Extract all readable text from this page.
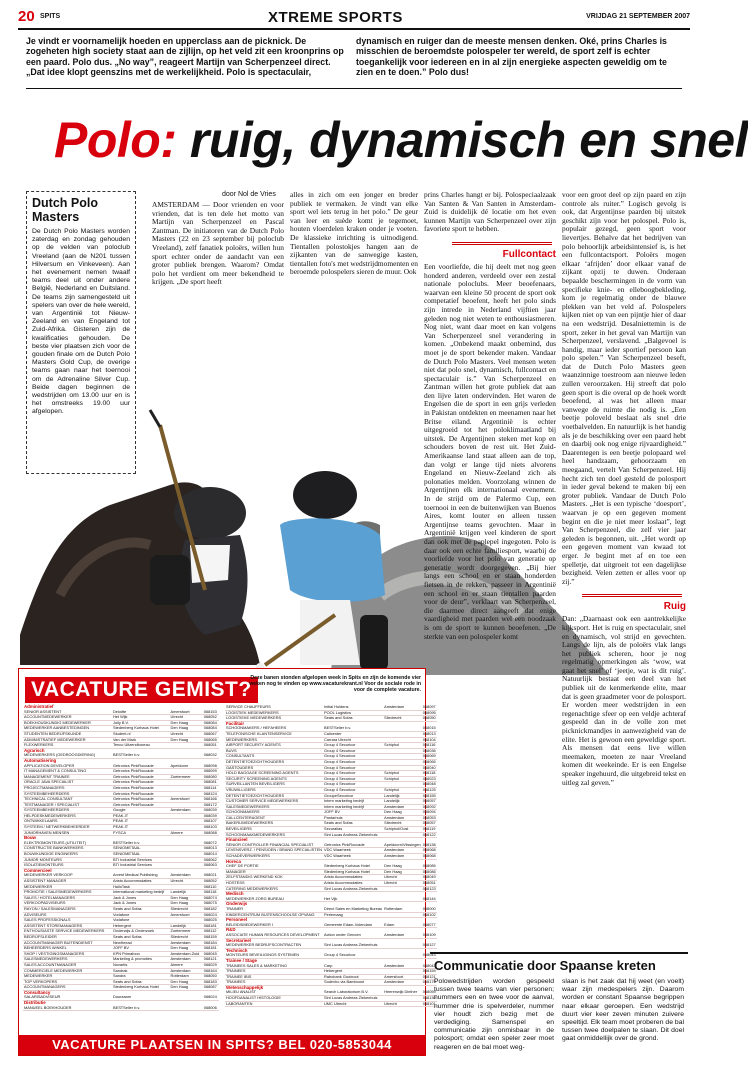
20 SPITS	XTREME SPORTS	VRIJDAG 21 SEPTEMBER 2007
Je vindt er voornamelijk hoeden en upperclass aan de picknick. De zogeheten high society staat aan de zijlijn, op het veld zit een kroonprins op een paard. Polo dus. „No way”, reageert Martijn van Scherpenzeel direct. „Dat idee klopt geenszins met de werkelijkheid. Polo is spectaculair,
dynamisch en ruiger dan de meeste mensen denken. Oké, prins Charles is misschien de beroemdste polospeler ter wereld, de sport zelf is echter toegankelijk voor iedereen en in al zijn energieke aspecten geweldig om te zien en te doen.” Polo dus!
Polo: ruig, dynamisch en snel
Dutch Polo Masters
De Dutch Polo Masters worden zaterdag en zondag gehouden op de velden van poloclub Vreeland (aan de N201 tussen Hilversum en Vinkeveen). Aan het evenement nemen twaalf teams deel uit onder andere België, Nederland en Duitsland. De teams zijn samengesteld uit spelers van over de hele wereld, van Argentinië tot Nieuw-Zeeland en van Engeland tot Zuid-Afrika. Gisteren zijn de kwalificaties gehouden. De beste vier plaatsen zich voor de gouden finale om de Dutch Polo Masters Gold Cup, de overige teams gaan naar het toernooi om de Adrenaline Silver Cup. Beide dagen beginnen de wedstrijden om 13.00 uur en is het omstreeks 19.00 uur afgelopen.
door Nol de Vries
AMSTERDAM — Door vrienden en voor vrienden, dat is ten dele het motto van Martijn van Scherpenzeel en Pascal Zantman. De initiatoren van de Dutch Polo Masters (22 en 23 september bij poloclub Vreeland), zelf fanatiek poloërs, willen hun sport echter onder de aandacht van een groter publiek brengen. Waarom? Omdat polo het verdient om meer bekendheid te krijgen. „De sport heeft
alles in zich om een jonger en breder publiek te vermaken. Je vindt van elke sport wel iets terug in het polo.” De geur van leer en suède komt je tegemoet, houten vloerdelen kraken onder je voeten. De klassieke inrichting is uitnodigend. Tientallen polostokjes hangen aan de zijkanten van de sanwegige kasten, tientallen foto's met wedstrijdmomenten en beroemde polospelers sieren de muur. Ook
prins Charles hangt er bij. Polospeciaalzaak Van Santen & Van Santen in Amsterdam-Zuid is duidelijk dé locatie om het even kunnen Martijn van Scherpenzeel over zijn favoriete sport te hebben.
Fullcontact
Een voorliefde, die hij deelt met nog geen honderd anderen, verdeeld over een zestal nationale poloclubs. Meer beoefenaars, waarvan een kleine 50 procent de sport ook competatief beoefent, heeft het polo sinds zijn intrede in Nederland vijftien jaar geleden nog niet weten te enthousiasmeren. Nog niet, want daar moet en kan volgens Van Scherpenzeel snel verandering in komen. „Onbekend maakt onbemind, dus moet je de sport bekender maken. Vandaar de Dutch Polo Masters. Veel mensen weten niet dat polo snel, dynamisch, fullcontact en spectaculair is.” Van Scherpenzeel en Zantman willen het grote publiek dat aan den lijve laten ondervinden. Het waren de Engelsen die de sport in een grijs verleden in Pakistan ontdekten en meenamen naar het Britse eiland. Argentinië is echter uitgegroeid tot het poloklimaatland bij uitstek. De Argentijnen steken met kop en schouders boven de rest uit. Het Zuid-Amerikaanse land staat alleen aan de top, dan volgt er lange tijd niets alvorens Engeland en Nieuw-Zeeland zich als polonaties melden. Voorzolang winnen de Argentijnen elk internationaal evenement. In de strijd om de Palermo Cup, een toernooi in een de buitenwijken van Buenos Aires, komt louter en alleen tussen Argentijnse teams gevochten. Maar in Argentinië krijgen veel kinderen de sport dan ook met de paplepel ingegoten. Polo is daar ook een echte familiesport, waarbij de voorliefde voor het polo van generatie op generatie wordt doorgegeven. „Bij hier langs een school en er staan honderden fietsen in de rekken, passeer in Argentinië een school en er staan tientallen paarden voor de deur”, verklaart van Scherpenzeel, die daarmee direct aangeeft dat enige vaardigheid met paarden wel een noodzaak is om de sport te kunnen beoefenen. „De sterkte van een polospeler komt
voor een groot deel op zijn paard en zijn controle als ruiter.” Logisch gevolg is ook, dat Argentijnse paarden bij uitstek geschikt zijn voor het polospel. Polo is, populair gezegd, geen sport voor lievertjes. Behalve dat het bedrijven van polo behoorlijk arbeidsintensief is, is het een fullcontactsport. Poloërs mogen elkaar ‘afrijden’ door elkaar vanaf de zijkant opzij te duwen. Onderaan bepaalde beschermingen in de vorm van specifieke knie- en elleboogbekleding, kom je regelmatig onder de blauwe plekken van het veld af. Polospelers kijken niet op van een pijntje hier of daar na een wedstrijd. Desalniettemin is de sport, zeker in het geval van Martijn van Scherpenzeel, verslavend. „Balgevoel is handig, maar ieder sportief persoon kan polo spelen.” Van Scherpenzeel beseft, dat de Dutch Polo Masters geen waanzinnige toestroom aan nieuwe leden zullen veroorzaken. Hij streeft dat polo geen sport is die overal op de hoek wordt beoefend, al was het alleen maar vanwege de ruimte die nodig is. „Een beetje poloveld beslaat als snel drie voetbalvelden. En natuurlijk is het handig als je de beschikking over een paard hebt en daarbij ook nog enige rijvaardigheid.” Daarentegen is een beetje polopaard wel heel handzaam, gehoorzaam en meegaand, vertelt Van Scherpenzeel. Hij hecht zich ten doel gesteld de polosport in ieder geval bekend te maken bij een groter publiek. Vandaar de Dutch Polo Masters. „Het is een typische ‘doesport’, waarvan je op een gegeven moment begint en die je niet meer loslaat”, legt Van Scherpenzeel, die zelf vier jaar geleden is begonnen, uit. „Het wordt op een gegeven moment van kwaad tot erger. Je begint met af en toe een spelletje, dat uitgroeit tot een dagelijkse bezigheid. Velen zetten er alles voor op zij.”
Ruig
Dan: „Daarnaast ook een aantrekkelijke kijksport. Het is ruig en spectaculair, snel en dynamisch, vol strijd en gevechten. Langs de lijn, als de poloërs vlak langs het publiek scheren, hoor je nog regelmatig opmerkingen als ‘wow, wat gaat het snel’ of ‘jeetje, wat is dit ruig’. Natuurlijk bestaat een deel van het publiek uit de kenmerkende elite, maar dat is geen graadmeter voor de polosport. Er worden meer wedstrijden in een regenachtige sfeer op een veldje achteraf gespeeld dan in de volle zon met picknickmandjes in aanwezigheid van de elite. Het is gewoon een geweldige sport. Als mensen dat eens live willen meemaken, moeten ze naar Vreeland komen dit weekeinde. Er is een Engelse speaker ingehuurd, die uitgebreid tekst en uitleg zal geven.”
VACATURE GEMIST?
Deze banen stonden afgelopen week in Spits en zijn de komende vier weken nog te vinden op www.vacaturekrant.nl Voor de sociale rode in voor de complete vacature.
Administratief			
SENIOR ASSISTENT	Deloitte	Amersfoort	068153
ACCOUNTMEDEWERKER	Het Wijk	Utrecht	068052
BOEKHOUDKUNDIG MEDEWERKER	Jolly B.V.	Den Haag	068084
MEDEWERKER AANBESTEDINGEN	Stedenberg Kurhaus Hotel	Den Haag	068084
STUDENTEN BEDRIJFSKUNDE	Student.nl	Utrecht	068067
ADMINISTRATIEF MEDEWERKER	Van der Mark	Den Haag	068065
FLEXWERKERS	Tenco Uitzendbureau		068051
Agrarisch			
MEDEWERKERS (GEDROOGDIERING)	BESTSeller b.v.		068032
Automatisering			
APPLICATION DEVELOPER	Getronics PinkRoccade	Apeldoorn	068098
IT MANAGEMENT & CONSULTING	Getronics PinkRoccade		068099
MANAGEMENT TRAINEE	Getronics PinkRoccade	Zoetermeer	068080
ORACLE JAVA SPECIALIST	Getronics PinkRoccade		068081
PROJECTMANAGERS	Getronics PinkRoccade		068114
SYSTEEMBEHEERDERS	Getronics PinkRoccade		068124
TECHNICAL CONSULTANT	Getronics PinkRoccade	Amersfoort	068166
TESTMANAGER / SPECIALIST	Getronics PinkRoccade		068172
SYSTEEMBEHEERDERS	Google	Amsterdam	068039
HELPDESKMEDEWERKERS	PEAK-IT		068039
ONTWIKKELAARS	PEAK-IT		068107
SYSTEEM / NETWERKBEHEERDER	PEAK-IT		068103
JUNIORHAVEN MENSEN	FYSCA	Almere	068088
Bouw			
ELEKTROMONTEURS (UTILITEIT)	BESTSeller b.v.		068072
CONSTRUCTIE BANKWERKERS	SENIOMETAAL		068013
BOUWKUNDIGE ENGINEERS	SENIOMETAAL		068014
JUNIOR MONTEURS	BTI Industrial Services		068062
ISOLATIEMONTEURS	BTI Industrial Services		068063
Commercieel			
MEDEWERKER VERKOOP	Arvest Medical Publishing	Amsterdam	068021
ASSISTENT MANAGER	Aristo Accommodaties	Utrecht	068052
MEDEWERKER	HalloTask		068110
PROMOTIE / SALESMEDEWERKERS	International marketing bedrijf	Landelijk	068118
SALES / HOTELMANAGERS	Jack & Jones	Den Haag	068074
VERKOOPADVISEURS	Jack & Jones	Den Haag	068075
RAYON / SALESMANAGERS	Seats and Sofas	Sliedrecht	068182
ADVISEURS	Vodafone	Amersfoort	068024
SALES PROFESSIONALS	Vodafone		068025
ASSISTENT STOREMANAGERS	Hebergent	Landelijk	068181
ENTHOUSIASTE SERVICE MEDEWERKERS	Onderwijs & Onderzoek	Zoetermeer	068112
BEDRIJFSLEIDER	Seats and Sofas	Sliedrecht	068159
ACCOUNTMANAGER BUITENDIENST	Newthread	Amsterdam	068184
BEHEERDERS WINKEL	JOFF BV	Den Haag	068181
SHOP / VESTIGINGSMANAGERS	KPN Primafoon	Amsterdam-Zuid	068045
SALESMEDEWERKERS	Marketing & promoties	Amsterdam	068121
SALES ACCOUNTMANAGER	Novartis	Almere	068029
COMMERCIELE MEDEWERKER	Sandrak	Amsterdam	068164
MEDEWERKER	Sandra	Rotterdam	068050
TOP VERKOPERS	Seats and Sofas	Den Haag	068183
ACCOUNTMANAGERS	Stedenberg Kurhaus Hotel	Den Haag	068087
Consultancy			
SALARISADVISEUR	Duurzaam		068024
Distributie			
MANUEEL BOEKHOUDER	BESTSeller b.v.		068006
SERVICE CHAUFFEURS	Initial Holdens	Amsterdam	068097
LOGISTIEK MEDEWERKERS	POOL Logistics		068095
LOGISTIEKE MEDEWERKERS	Seats and Sofas	Sliedrecht	068050
Facilitair			
SCHOONMAKERS / HEFAHEERS	BESTSeller b.v.		068015
TELEFONISCHE KLANTENSERVICE	Callcenter		068013
MEDEWERKERS	Carrara Utrecht		068104
AIRPORT SECURITY AGENTS	Group 4 Securicor	Schiphol	068116
BUVS	Group 4 Securicor		068036
CONSULTANTS	Group 4 Securicor		068069
DETENTIETOEZICHTHOUDERS	Group 4 Securicor		068065
GASTOUDERS	Group 4 Securicor		068040
HOLD BAGGAGE SCREENING AGENTS	Group 4 Securicor	Schiphol	068118
SECURITY SCREENING AGENTS	Group 4 Securicor	Schiphol	068023
SURVEILLANTEN BEVEILIGERS	Group 4 Securicor		068048
VRIJWILLIGERS	Group 4 Securicor	Schiphol	068125
DETENTIETOEZICHTHOUDERS	GroupeSecuricor	Landelijk	068155
CUSTOMER SERVICE MEDEWERKERS	Intern marketing bedrijf	Landelijk	068057
SALESMEDEWERKERS	Intern marketing bedrijf	Amsterdam	068092
SCHOONMAKERS	JOFF BV	Den Haag	068094
CALLCENTERAGENT	Pantarhuis	Amsterdam	068053
BAKERIJMEDEWERKERS	Seats and Sofas	Sliedrecht	068057
BEVEILIGERS	Securalias	Schiphol/Oost	068119
SCHOONMAAKMEDEWERKERS	Sint Lucas Andreas Ziekenhuis		068122
Financieel			
SENIOR CONTROLLER FINANCIAL SPECIALIST	Getronics PinkRoccade	Apeldoorn/Vlissingen	068138
LEVENSVERZ. / PENSIOEN / BRAND SPECIALISTEN	VDC Waarheek	Amsterdam	068068
SCHADEVERWERKERS	VDC Waarheek	Amsterdam	068068
Horeca			
CHEF DE PORTIE	Stedenberg Kurhaus Hotel	Den Haag	068085
MANAGER	Stedenberg Kurhaus Hotel	Den Haag	068086
ZELFSTANDIG WERKEND KOK	Aristo Accommodaties	Utrecht	068049
HOSTESS	Aristo Accommodaties	Utrecht	068051
CATERING MEDEWERKERS	Sint Lucas Andreas Ziekenhuis		068123
Medisch			
MEDEWERKER ZORG BUREAU	Het Vijk		068144
Onderwijs			
TRAINER	Direct Sales en Marketing Bureau	Rotterdam	068000
KINDERCENTRUM BUITENSCHOOLSE OPVANG	Perlemaag		068102
Personeel			
BELEIDSMEDEWERKER I	Gemeente Edam-Volendam	Edam	068077
R&D			
ASSOCIATE HUMAN RESOURCES DEVELOPMENT	Action onder Genoen	Amsterdam	068109
Secretarieel			
MEDEWERKER BEDRIJFSCONTRACTEN	Sint Lucas Andreas Ziekenhuis		068127
Technisch			
MONTEURS BEVEILIGINGS SYSTEMEN	Group 4 Securicor		068043
Trainee / Stage			
TRAINEES SALES & MARKETING	Carp	Amsterdam	068043
TRAINEES	Hebergent		068159
TRAINEE IBIS	Rabobank Gooinoot	Amersfoort	068121
TRAINEES	Sodexho via Bamboost	Amsterdam	068179
Wetenschappelijk			
MILIEU ANALIST	Search Laboratorium B.V.	Heerenwijk Dinther	068059
HOOFDANALIST HISTOLOGIE	Sint Lucas Andreas Ziekenhuis		068130
LABORANTEN	UMC Utrecht	Utrecht	068101
VACATURE PLAATSEN IN SPITS? BEL 020-5853044
Communicatie door Spaanse kreten
Polowedstrijden worden gespeeld tussen twee teams van vier personen; nummers een en twee voor de aanval, nummer drie is spelverdeler, nummer vier houdt zich bezig met de verdediging. Samenspel en communicatie zijn onmisbaar in de polosport; omdat een speler zeer moet reageren en de bal moet weg-
slaan is het zaak dat hij weet (en voelt) waar zijn medespelers zijn. Daarom worden er constant Spaanse begrippen naar elkaar geroepen. Een wedstrijd duurt vier keer zeven minuten zuivere speeltijd. Elk team moet proberen de bal tussen twee doelpalen te slaan. Dit doel gaat onmiddellijk over de grond.
